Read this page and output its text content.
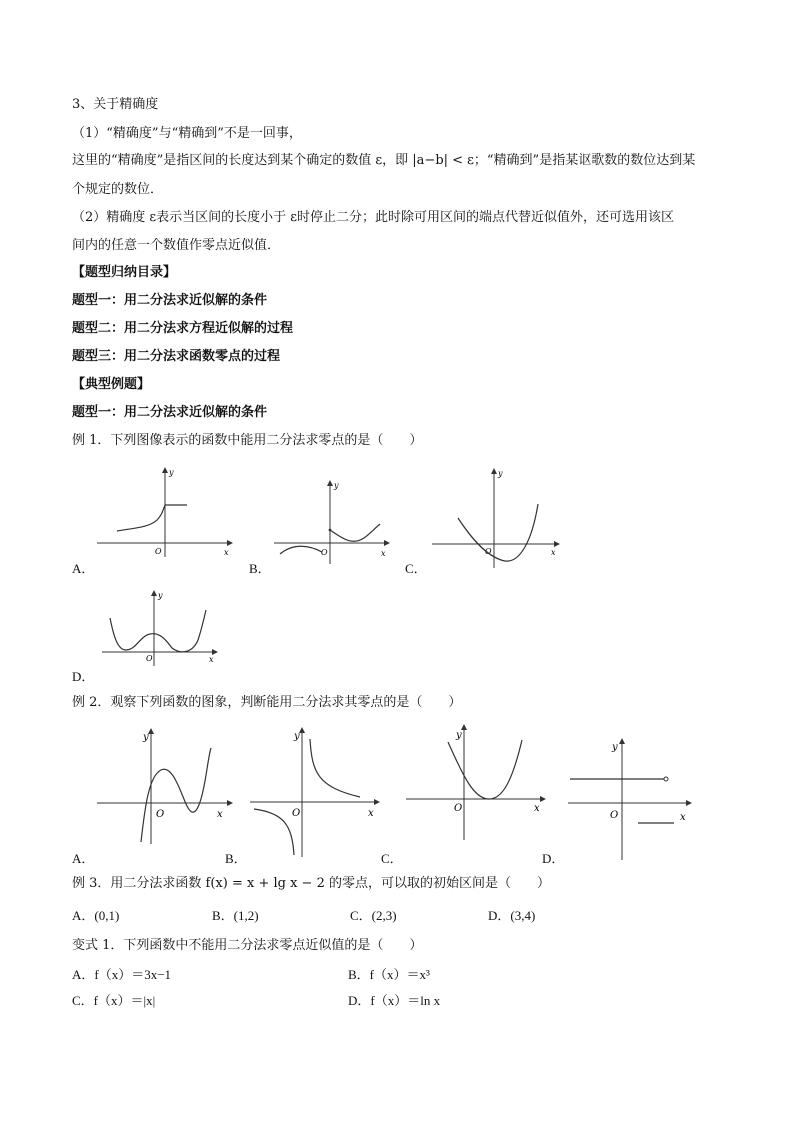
3、关于精确度
（1）“精确度”与“精确到”不是一回事，
这里的“精确度”是指区间的长度达到某个确定的数值 ε，即 |a−b| < ε；“精确到”是指某讴歌数的数位达到某
个规定的数位．
（2）精确度 ε表示当区间的长度小于 ε时停止二分；此时除可用区间的端点代替近似值外，还可选用该区
间内的任意一个数值作零点近似值．
【题型归纳目录】
题型一：用二分法求近似解的条件
题型二：用二分法求方程近似解的过程
题型三：用二分法求函数零点的过程
【典型例题】
题型一：用二分法求近似解的条件
例 1．下列图像表示的函数中能用二分法求零点的是（　　）
y
x
O
A．
y
x
O
B．
y
x
O
C．
y
x
O
D．
例 2．观察下列函数的图象，判断能用二分法求其零点的是（　　）
y
x
O
A．
y
x
O
B．
y
x
O
C．
y
x
O
D．
例 3．用二分法求函数 f(x) = x + lg x − 2 的零点，可以取的初始区间是（　　）
A．(0,1)	B．(1,2)	C．(2,3)	D．(3,4)
变式 1．下列函数中不能用二分法求零点近似值的是（　　）
A．f（x）＝3x−1	B．f（x）＝x³
C．f（x）＝|x|	D．f（x）＝ln x
